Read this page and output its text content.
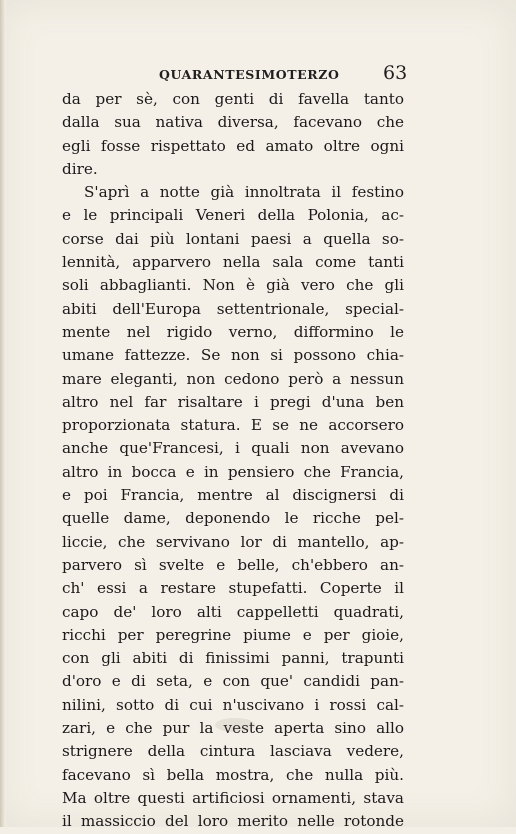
QUARANTESIMOTERZO 63
da per sè, con genti di favella tanto
dalla sua nativa diversa, facevano che
egli fosse rispettato ed amato oltre ogni
dire.
S'aprì a notte già innoltrata il festino
e le principali Veneri della Polonia, ac-
corse dai più lontani paesi a quella so-
lennità, apparvero nella sala come tanti
soli abbaglianti. Non è già vero che gli
abiti dell'Europa settentrionale, special-
mente nel rigido verno, difformino le
umane fattezze. Se non si possono chia-
mare eleganti, non cedono però a nessun
altro nel far risaltare i pregi d'una ben
proporzionata statura. E se ne accorsero
anche que'Francesi, i quali non avevano
altro in bocca e in pensiero che Francia,
e poi Francia, mentre al discignersi di
quelle dame, deponendo le ricche pel-
liccie, che servivano lor di mantello, ap-
parvero sì svelte e belle, ch'ebbero an-
ch' essi a restare stupefatti. Coperte il
capo de' loro alti cappelletti quadrati,
ricchi per peregrine piume e per gioie,
con gli abiti di finissimi panni, trapunti
d'oro e di seta, e con que' candidi pan-
nilini, sotto di cui n'uscivano i rossi cal-
zari, e che pur la veste aperta sino allo
strignere della cintura lasciava vedere,
facevano sì bella mostra, che nulla più.
Ma oltre questi artificiosi ornamenti, stava
il massiccio del loro merito nelle rotonde
